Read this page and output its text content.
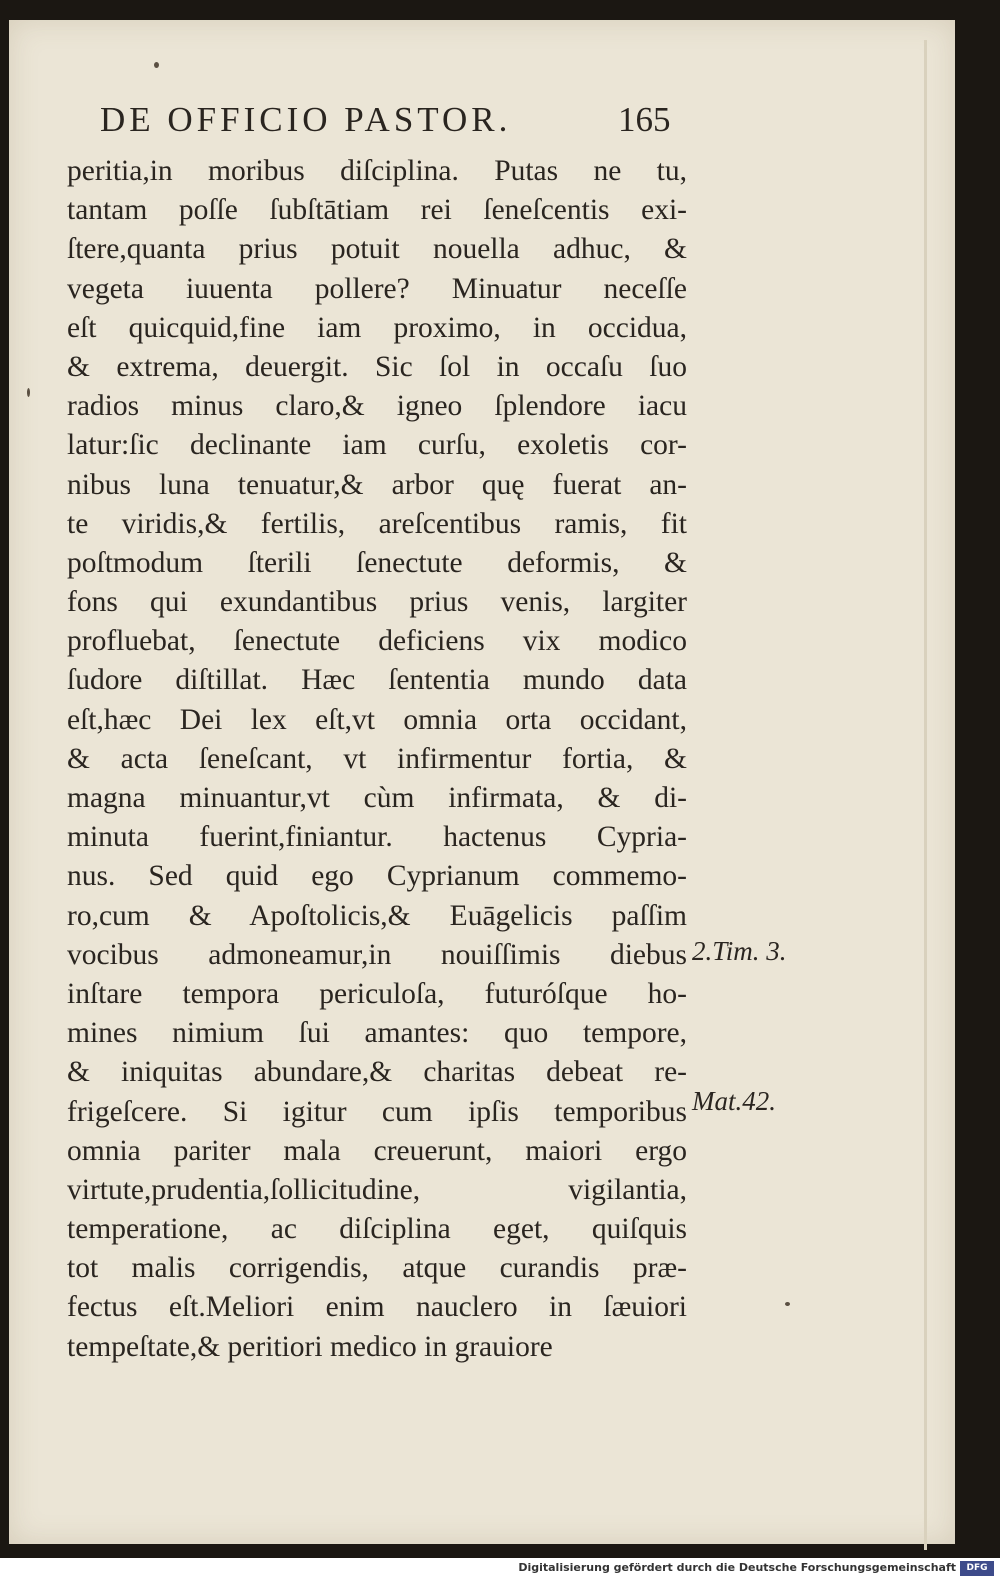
DE OFFICIO PASTOR.	165
peritia,in moribus diſciplina. Putas ne tu,
tantam poſſe ſubſtātiam rei ſeneſcentis exi-
ſtere,quanta prius potuit nouella adhuc, &
vegeta iuuenta pollere? Minuatur neceſſe
eſt quicquid,fine iam proximo, in occidua,
& extrema, deuergit. Sic ſol in occaſu ſuo
radios minus claro,& igneo ſplendore iacu
latur:ſic declinante iam curſu, exoletis cor-
nibus luna tenuatur,& arbor quę fuerat an-
te viridis,& fertilis, areſcentibus ramis, fit
poſtmodum ſterili ſenectute deformis, &
fons qui exundantibus prius venis, largiter
profluebat, ſenectute deficiens vix modico
ſudore diſtillat. Hæc ſententia mundo data
eſt,hæc Dei lex eſt,vt omnia orta occidant,
& acta ſeneſcant, vt infirmentur fortia, &
magna minuantur,vt cùm infirmata, & di-
minuta fuerint,finiantur. hactenus Cypria-
nus. Sed quid ego Cyprianum commemo-
ro,cum & Apoſtolicis,& Euāgelicis paſſim
vocibus admoneamur,in nouiſſimis diebus
inſtare tempora periculoſa, futuróſque ho-
mines nimium ſui amantes: quo tempore,
& iniquitas abundare,& charitas debeat re-
frigeſcere. Si igitur cum ipſis temporibus
omnia pariter mala creuerunt, maiori ergo
virtute,prudentia,ſollicitudine, vigilantia,
temperatione, ac diſciplina eget, quiſquis
tot malis corrigendis, atque curandis præ-
fectus eſt.Meliori enim nauclero in ſæuiori
tempeſtate,& peritiori medico in grauiore
2.Tim. 3.
Mat.42.
Digitalisierung gefördert durch die Deutsche Forschungsgemeinschaft	DFG
